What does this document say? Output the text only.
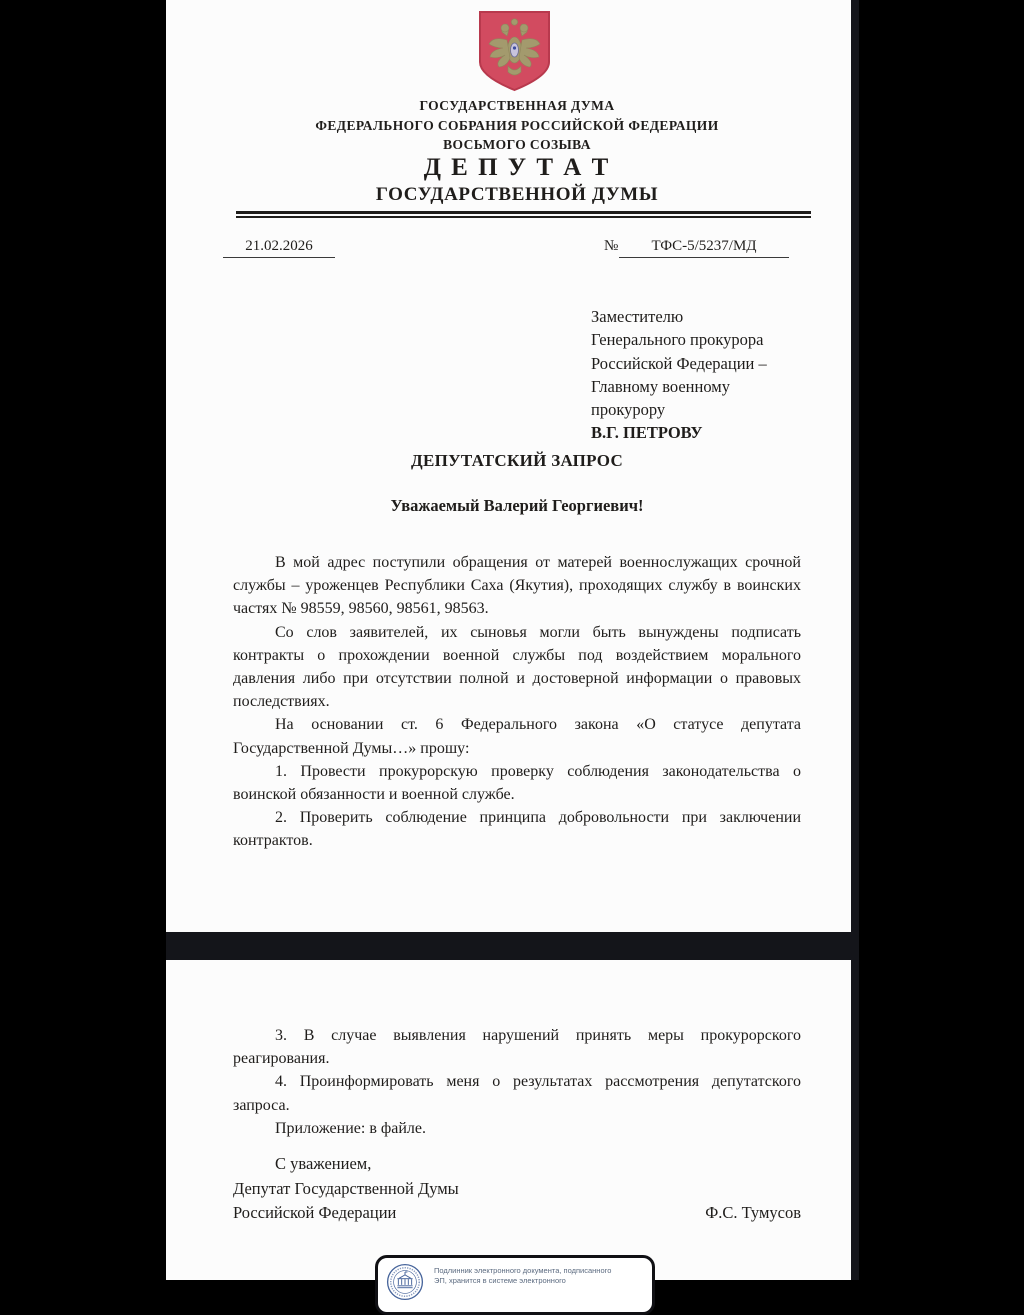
ГОСУДАРСТВЕННАЯ ДУМА
ФЕДЕРАЛЬНОГО СОБРАНИЯ РОССИЙСКОЙ ФЕДЕРАЦИИ
ВОСЬМОГО СОЗЫВА
Д Е П У Т А Т
ГОСУДАРСТВЕННОЙ ДУМЫ
21.02.2026	№	ТФС-5/5237/МД
Заместителю
Генерального прокурора
Российской Федерации –
Главному военному
прокурору
В.Г. ПЕТРОВУ
ДЕПУТАТСКИЙ ЗАПРОС
Уважаемый Валерий Георгиевич!

В мой адрес поступили обращения от матерей военнослужащих срочной службы – уроженцев Республики Саха (Якутия), проходящих службу в воинских частях № 98559, 98560, 98561, 98563.

Со слов заявителей, их сыновья могли быть вынуждены подписать контракты о прохождении военной службы под воздействием морального давления либо при отсутствии полной и достоверной информации о правовых последствиях.

На основании ст. 6 Федерального закона «О статусе депутата Государственной Думы…» прошу:

1. Провести прокурорскую проверку соблюдения законодательства о воинской обязанности и военной службе.

2. Проверить соблюдение принципа добровольности при заключении контрактов.

3. В случае выявления нарушений принять меры прокурорского реагирования.

4. Проинформировать меня о результатах рассмотрения депутатского запроса.

Приложение: в файле.

С уважением,
Депутат Государственной Думы
Российской Федерации	Ф.С. Тумусов
Подлинник электронного документа, подписанного
ЭП, хранится в системе электронного
